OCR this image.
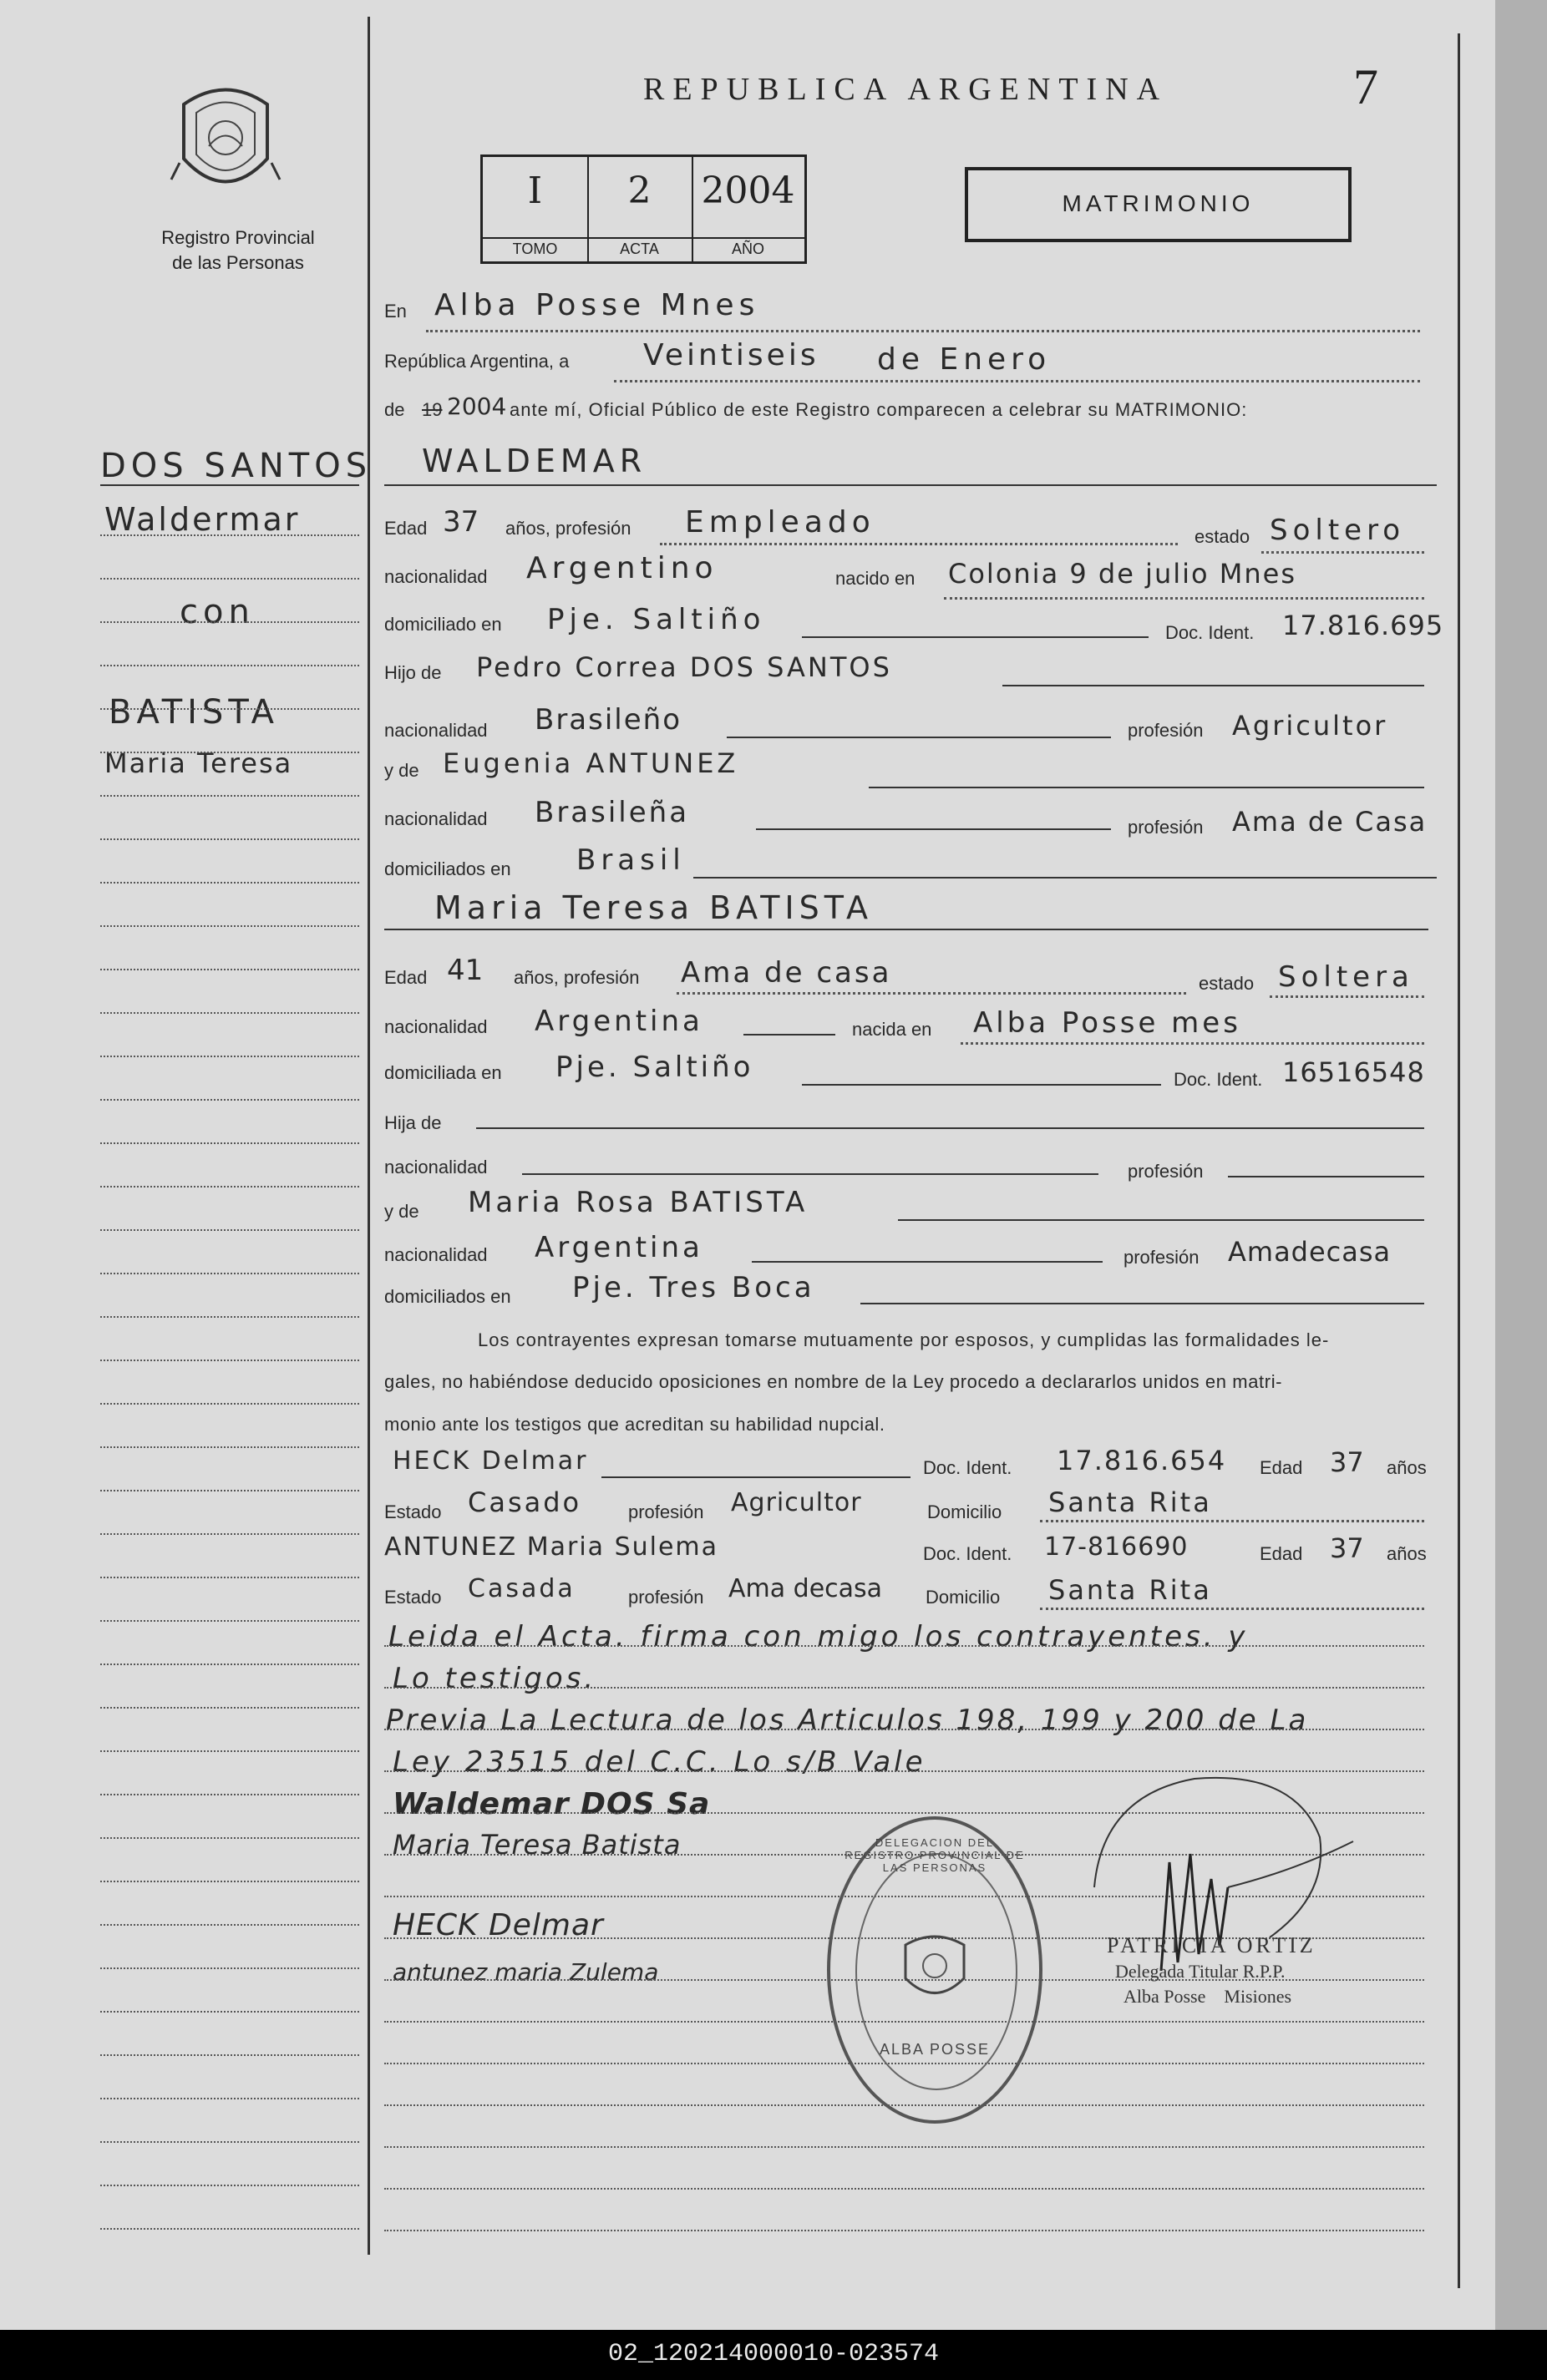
Registro Provincial
de las Personas
REPUBLICA ARGENTINA	7
I
TOMO
2
ACTA
2004
AÑO
MATRIMONIO
DOS SANTOS
Waldermar
con
BATISTA
Maria Teresa
En Alba Posse Mnes
República Argentina, a Veintiseis de Enero
de 19 2004 ante mí, Oficial Público de este Registro comparecen a celebrar su MATRIMONIO:
WALDEMAR
Edad 37 años, profesión Empleado	estado Soltero
nacionalidad Argentino	nacido en Colonia 9 de julio Mnes
domiciliado en Pje. Saltiño	Doc. Ident. 17.816.695
Hijo de Pedro Correa DOS SANTOS
nacionalidad Brasileño	profesión Agricultor
y de Eugenia ANTUNEZ
nacionalidad Brasileña	profesión Ama de Casa
domiciliados en Brasil
Maria Teresa BATISTA
Edad 41 años, profesión Ama de casa	estado Soltera
nacionalidad Argentina	nacida en Alba Posse mes
domiciliada en Pje. Saltiño	Doc. Ident. 16516548
Hija de
nacionalidad	profesión
y de Maria Rosa BATISTA
nacionalidad Argentina	profesión Amadecasa
domiciliados en Pje. Tres Boca
Los contrayentes expresan tomarse mutuamente por esposos, y cumplidas las formalidades le-
gales, no habiéndose deducido oposiciones en nombre de la Ley procedo a declararlos unidos en matri-
monio ante los testigos que acreditan su habilidad nupcial.
HECK Delmar	Doc. Ident. 17.816.654 Edad 37 años
Estado Casado	profesión Agricultor	Domicilio Santa Rita
ANTUNEZ Maria Sulema	Doc. Ident. 17-816690	Edad 37 años
Estado Casada	profesión Ama decasa Domicilio Santa Rita
Leida el Acta. firma con migo los contrayentes. y
Lo testigos.
Previa La Lectura de los Articulos 198, 199 y 200 de La
Ley 23515 del C.C. Lo s/B Vale
Waldemar DOS Sa
Maria Teresa Batista
HECK Delmar
antunez maria Zulema
DELEGACION DEL REGISTRO PROVINCIAL DE LAS PERSONAS
ALBA POSSE
PATRICIA ORTIZ
Delegada Titular R.P.P.
Alba Posse    Misiones
02_120214000010-023574
